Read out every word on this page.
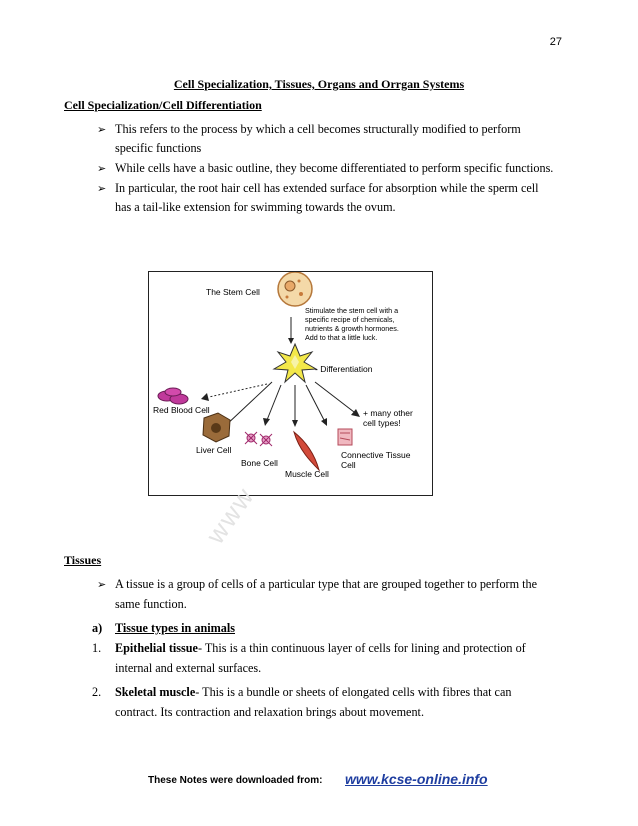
27
Cell Specialization, Tissues, Organs and Orrgan Systems
Cell Specialization/Cell Differentiation
➢ This refers to the process by which a cell becomes structurally modified to perform
specific functions
➢ While cells have a basic outline, they become differentiated to perform specific functions.
➢ In particular, the root hair cell has extended surface for absorption while the sperm cell
has a tail-like extension for swimming towards the ovum.
The Stem Cell
Stimulate the stem cell with a
specific recipe of chemicals,
nutrients & growth hormones.
Add to that a little luck.
- Differentiation
Red Blood Cell
Liver Cell
Bone Cell
Muscle Cell
Connective Tissue
Cell
+ many other
cell types!
www
Tissues
➢ A tissue is a group of cells of a particular type that are grouped together to perform the
same function.
a) Tissue types in animals
1. Epithelial tissue- This is a thin continuous layer of cells for lining and protection of
internal and external surfaces.
2. Skeletal muscle- This is a bundle or sheets of elongated cells with fibres that can
contract. Its contraction and relaxation brings about movement.
These Notes were downloaded from: www.kcse-online.info
